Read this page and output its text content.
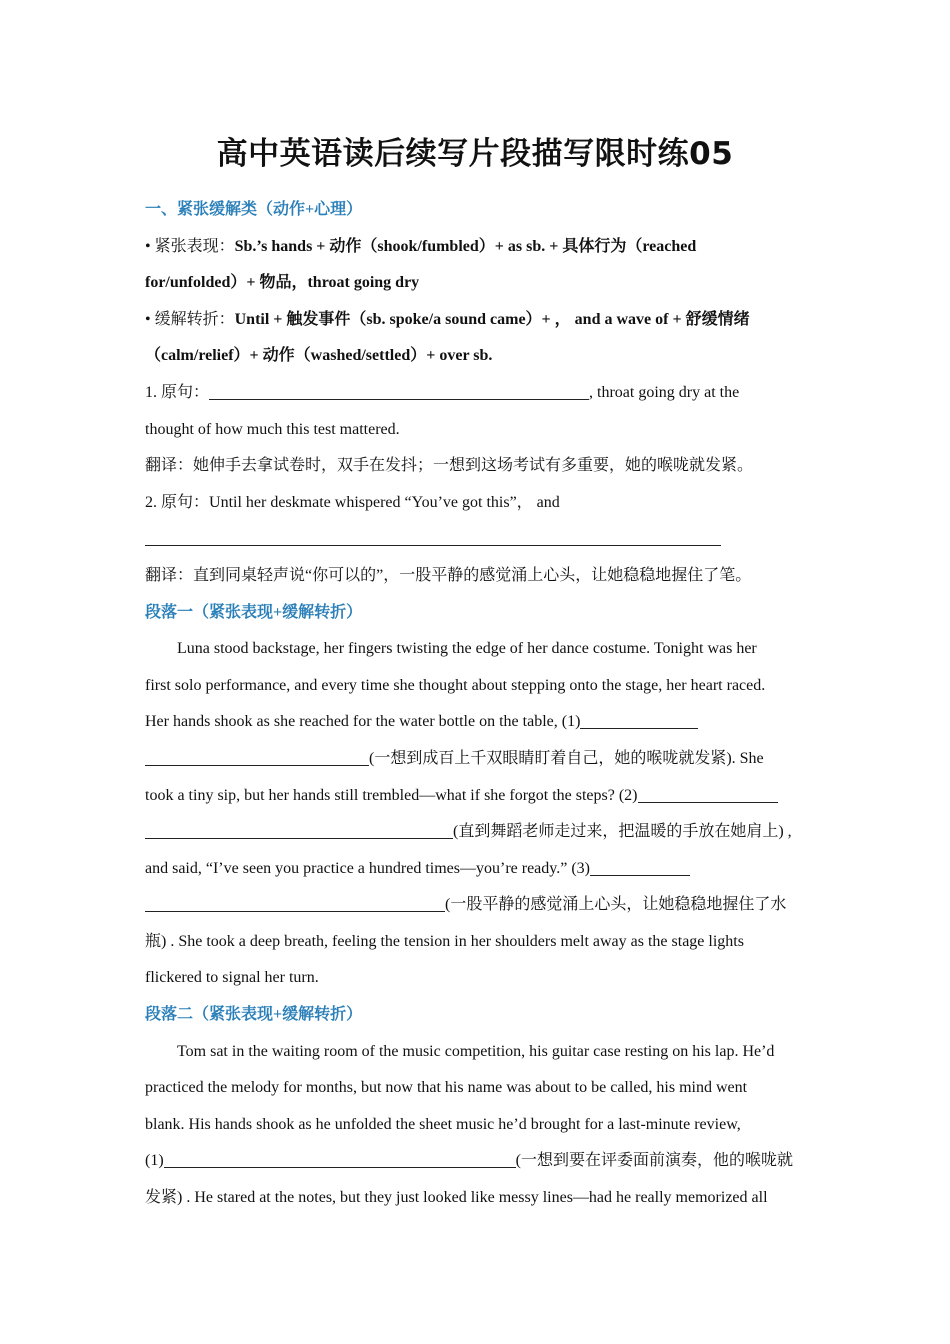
高中英语读后续写片段描写限时练05
一、紧张缓解类（动作+心理）
• 紧张表现：Sb.’s hands + 动作（shook/fumbled）+ as sb. + 具体行为（reached
for/unfolded）+ 物品，throat going dry
• 缓解转折：Until + 触发事件（sb. spoke/a sound came）+ ， and a wave of + 舒缓情绪
（calm/relief）+ 动作（washed/settled）+ over sb.
1. 原句：	, throat going dry at the
thought of how much this test mattered.
翻译：她伸手去拿试卷时，双手在发抖；一想到这场考试有多重要，她的喉咙就发紧。
2. 原句：Until her deskmate whispered “You’ve got this”， and
翻译：直到同桌轻声说“你可以的”，一股平静的感觉涌上心头，让她稳稳地握住了笔。
段落一（紧张表现+缓解转折）
Luna stood backstage, her fingers twisting the edge of her dance costume. Tonight was her
first solo performance, and every time she thought about stepping onto the stage, her heart raced.
Her hands shook as she reached for the water bottle on the table, (1)
(一想到成百上千双眼睛盯着自己，她的喉咙就发紧). She
took a tiny sip, but her hands still trembled—what if she forgot the steps? (2)
(直到舞蹈老师走过来，把温暖的手放在她肩上) ,
and said, “I’ve seen you practice a hundred times—you’re ready.” (3)
(一股平静的感觉涌上心头，让她稳稳地握住了水
瓶) . She took a deep breath, feeling the tension in her shoulders melt away as the stage lights
flickered to signal her turn.
段落二（紧张表现+缓解转折）
Tom sat in the waiting room of the music competition, his guitar case resting on his lap. He’d
practiced the melody for months, but now that his name was about to be called, his mind went
blank. His hands shook as he unfolded the sheet music he’d brought for a last-minute review,
(1)	(一想到要在评委面前演奏，他的喉咙就
发紧) . He stared at the notes, but they just looked like messy lines—had he really memorized all
